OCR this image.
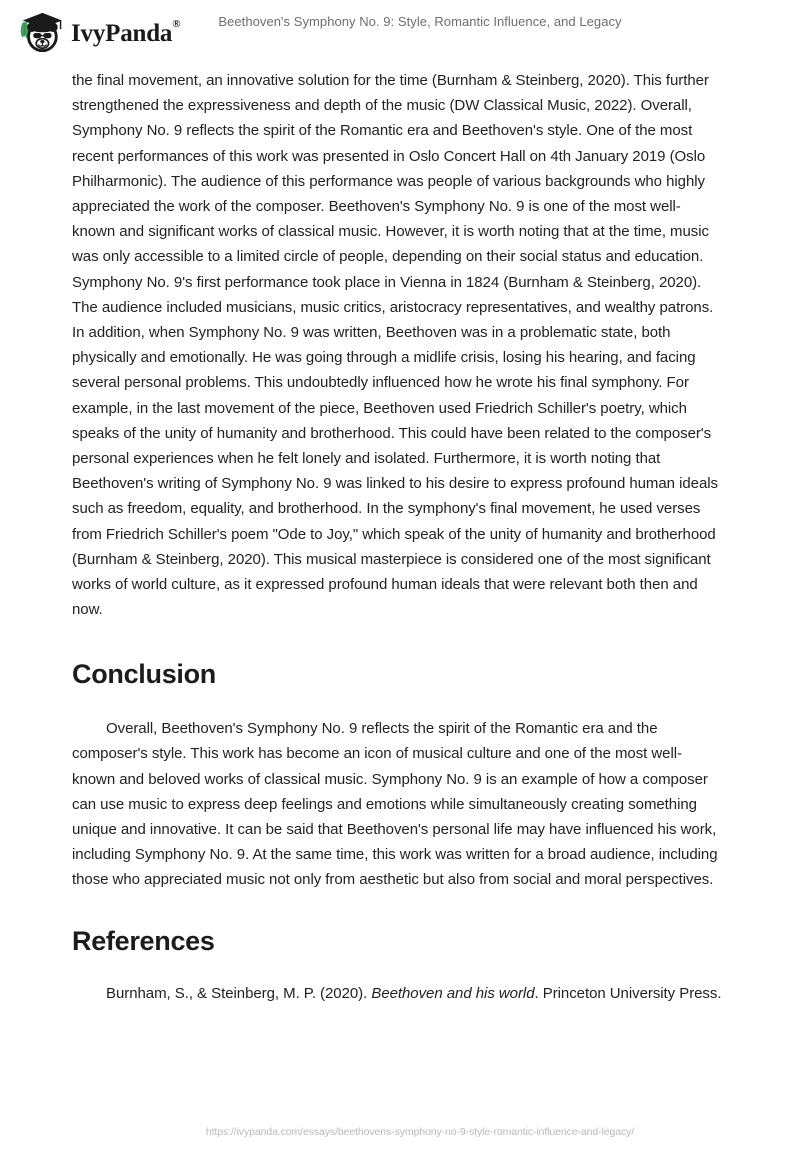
IvyPanda®	Beethoven's Symphony No. 9: Style, Romantic Influence, and Legacy

the final movement, an innovative solution for the time (Burnham & Steinberg, 2020). This further strengthened the expressiveness and depth of the music (DW Classical Music, 2022). Overall, Symphony No. 9 reflects the spirit of the Romantic era and Beethoven's style. One of the most recent performances of this work was presented in Oslo Concert Hall on 4th January 2019 (Oslo Philharmonic). The audience of this performance was people of various backgrounds who highly appreciated the work of the composer. Beethoven's Symphony No. 9 is one of the most well-known and significant works of classical music. However, it is worth noting that at the time, music was only accessible to a limited circle of people, depending on their social status and education. Symphony No. 9's first performance took place in Vienna in 1824 (Burnham & Steinberg, 2020). The audience included musicians, music critics, aristocracy representatives, and wealthy patrons. In addition, when Symphony No. 9 was written, Beethoven was in a problematic state, both physically and emotionally. He was going through a midlife crisis, losing his hearing, and facing several personal problems. This undoubtedly influenced how he wrote his final symphony. For example, in the last movement of the piece, Beethoven used Friedrich Schiller's poetry, which speaks of the unity of humanity and brotherhood. This could have been related to the composer's personal experiences when he felt lonely and isolated. Furthermore, it is worth noting that Beethoven's writing of Symphony No. 9 was linked to his desire to express profound human ideals such as freedom, equality, and brotherhood. In the symphony's final movement, he used verses from Friedrich Schiller's poem "Ode to Joy," which speak of the unity of humanity and brotherhood (Burnham & Steinberg, 2020). This musical masterpiece is considered one of the most significant works of world culture, as it expressed profound human ideals that were relevant both then and now.

Conclusion

Overall, Beethoven's Symphony No. 9 reflects the spirit of the Romantic era and the composer's style. This work has become an icon of musical culture and one of the most well-known and beloved works of classical music. Symphony No. 9 is an example of how a composer can use music to express deep feelings and emotions while simultaneously creating something unique and innovative. It can be said that Beethoven's personal life may have influenced his work, including Symphony No. 9. At the same time, this work was written for a broad audience, including those who appreciated music not only from aesthetic but also from social and moral perspectives.

References

Burnham, S., & Steinberg, M. P. (2020). Beethoven and his world. Princeton University Press.

https://ivypanda.com/essays/beethovens-symphony-no-9-style-romantic-influence-and-legacy/
